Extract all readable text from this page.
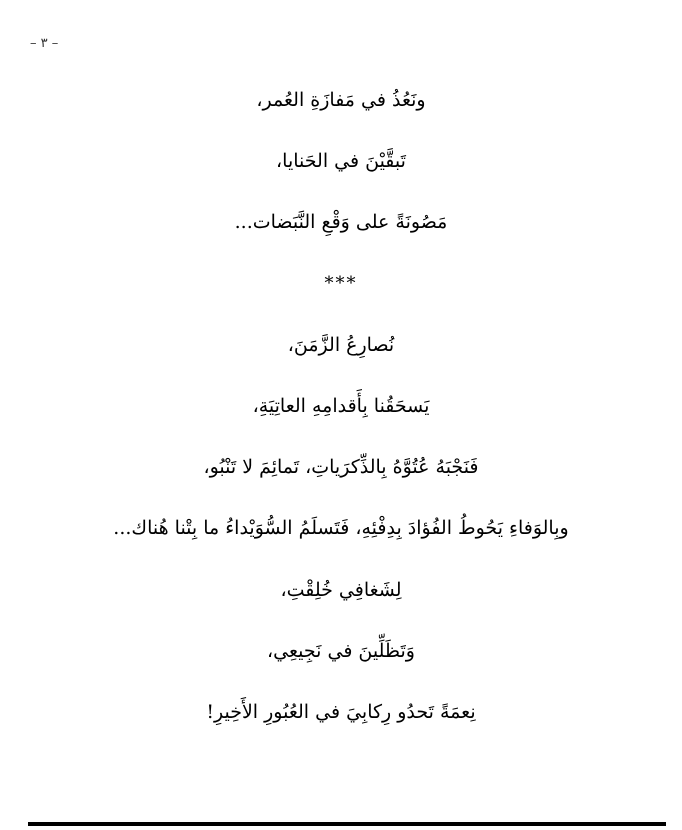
– ٣ –
ونَعُذُ في مَفازَةِ العُمر،
تَبقَّيْنَ في الحَنايا،
مَصُونَةً على وَقْعِ النَّبَضات...
***
نُصارِعُ الزَّمَنَ،
يَسحَقُنا بِأَقدامِهِ العاتِيَةِ،
فَنَجْبَهُ عُتُوَّهُ بِالذِّكرَياتِ، تَمائِمَ لا تَنْبُو،
وبِالوَفاءِ يَحُوطُ الفُؤادَ بِدِفْئِهِ، فَتَسلَمُ السُّوَيْداءُ ما بِتْنا هُناك...
لِشَغافِي خُلِقْتِ،
وَتَظَلِّينَ في نَجِيعِي،
نِعمَةً تَحدُو رِكابِيَ في العُبُورِ الأَخِيرِ!
